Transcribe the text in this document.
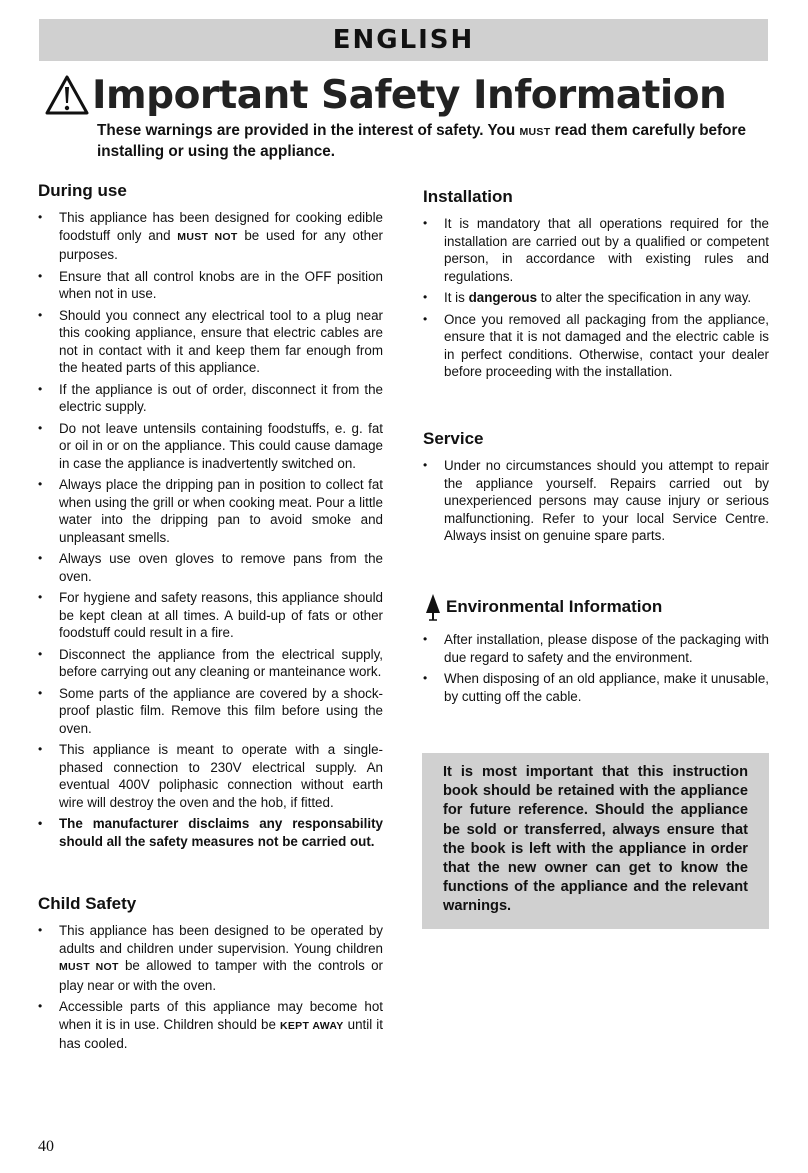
ENGLISH
Important Safety Information
These warnings are provided in the interest of safety. You MUST read them carefully before installing or using the appliance.
During use
• This appliance has been designed for cooking edible foodstuff only and MUST NOT be used for any other purposes.
• Ensure that all control knobs are in the OFF position when not in use.
• Should you connect any electrical tool to a plug near this cooking appliance, ensure that electric cables are not in contact with it and keep them far enough from the heated parts of this appliance.
• If the appliance is out of order, disconnect it from the electric supply.
• Do not leave untensils containing foodstuffs, e. g. fat or oil in or on the appliance. This could cause damage in case the appliance is inadvertently switched on.
• Always place the dripping pan in position to collect fat when using the grill or when cooking meat. Pour a little water into the dripping pan to avoid smoke and unpleasant smells.
• Always use oven gloves to remove pans from the oven.
• For hygiene and safety reasons, this appliance should be kept clean at all times. A build-up of fats or other foodstuff could result in a fire.
• Disconnect the appliance from the electrical supply, before carrying out any cleaning or manteinance work.
• Some parts of the appliance are covered by a shock-proof plastic film. Remove this film before using the oven.
• This appliance is meant to operate with a single-phased connection to 230V electrical supply. An eventual 400V poliphasic connection without earth wire will destroy the oven and the hob, if fitted.
• The manufacturer disclaims any responsability should all the safety measures not be carried out.
Child Safety
• This appliance has been designed to be operated by adults and children under supervision. Young children MUST NOT be allowed to tamper with the controls or play near or with the oven.
• Accessible parts of this appliance may become hot when it is in use. Children should be KEPT AWAY until it has cooled.
Installation
• It is mandatory that all operations required for the installation are carried out by a qualified or competent person, in accordance with existing rules and regulations.
• It is dangerous to alter the specification in any way.
• Once you removed all packaging from the appliance, ensure that it is not damaged and the electric cable is in perfect conditions. Otherwise, contact your dealer before proceeding with the installation.
Service
• Under no circumstances should you attempt to repair the appliance yourself. Repairs carried out by unexperienced persons may cause injury or serious malfunctioning. Refer to your local Service Centre. Always insist on genuine spare parts.
Environmental Information
• After installation, please dispose of the packaging with due regard to safety and the environment.
• When disposing of an old appliance, make it unusable, by cutting off the cable.

It is most important that this instruction book should be retained with the appliance for future reference. Should the appliance be sold or transferred, always ensure that the book is left with the appliance in order that the new owner can get to know the functions of the appliance and the relevant warnings.

40
